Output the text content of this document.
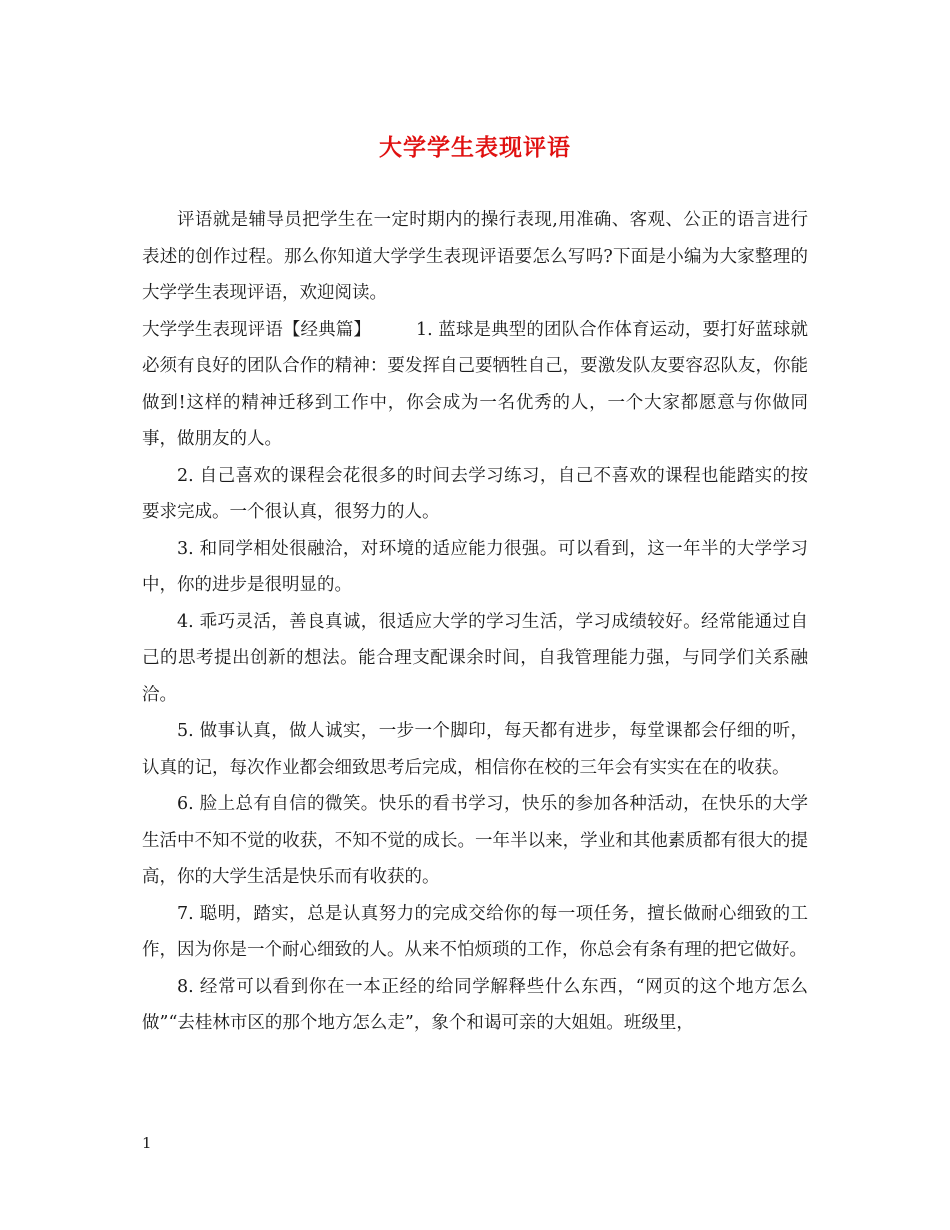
大学学生表现评语

评语就是辅导员把学生在一定时期内的操行表现,用准确、客观、公正的语言进行表述的创作过程。那么你知道大学学生表现评语要怎么写吗?下面是小编为大家整理的大学学生表现评语，欢迎阅读。

大学学生表现评语【经典篇】	1. 蓝球是典型的团队合作体育运动，要打好蓝球就必须有良好的团队合作的精神：要发挥自己要牺牲自己，要激发队友要容忍队友，你能做到!这样的精神迁移到工作中，你会成为一名优秀的人，一个大家都愿意与你做同事，做朋友的人。

2. 自己喜欢的课程会花很多的时间去学习练习，自己不喜欢的课程也能踏实的按要求完成。一个很认真，很努力的人。

3. 和同学相处很融洽，对环境的适应能力很强。可以看到，这一年半的大学学习中，你的进步是很明显的。

4. 乖巧灵活，善良真诚，很适应大学的学习生活，学习成绩较好。经常能通过自己的思考提出创新的想法。能合理支配课余时间，自我管理能力强，与同学们关系融洽。

5. 做事认真，做人诚实，一步一个脚印，每天都有进步，每堂课都会仔细的听，认真的记，每次作业都会细致思考后完成，相信你在校的三年会有实实在在的收获。

6. 脸上总有自信的微笑。快乐的看书学习，快乐的参加各种活动，在快乐的大学生活中不知不觉的收获，不知不觉的成长。一年半以来，学业和其他素质都有很大的提高，你的大学生活是快乐而有收获的。

7. 聪明，踏实，总是认真努力的完成交给你的每一项任务，擅长做耐心细致的工作，因为你是一个耐心细致的人。从来不怕烦琐的工作，你总会有条有理的把它做好。

8. 经常可以看到你在一本正经的给同学解释些什么东西，“网页的这个地方怎么做”“去桂林市区的那个地方怎么走”，象个和谒可亲的大姐姐。班级里，

1
